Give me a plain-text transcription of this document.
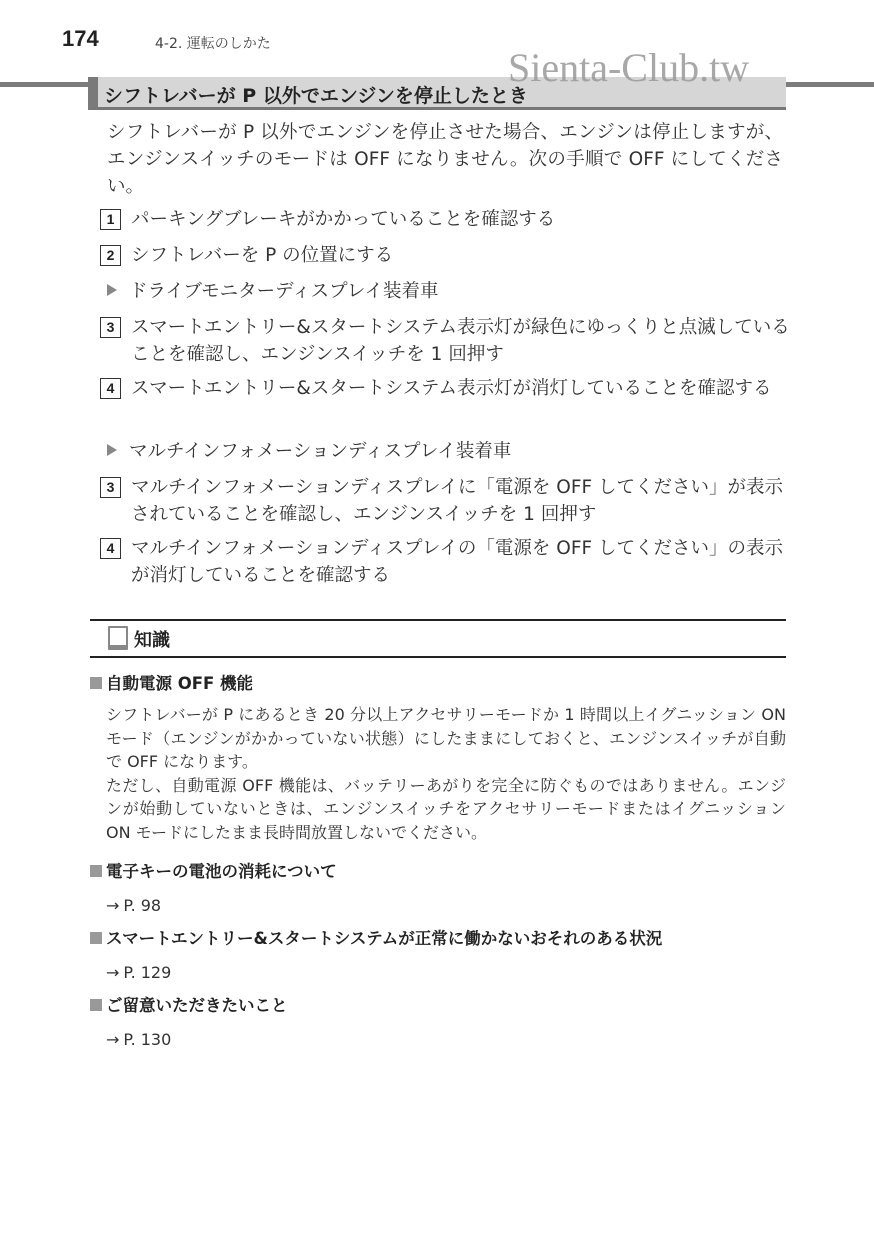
174	4-2. 運転のしかた
Sienta-Club.tw
シフトレバーが P 以外でエンジンを停止したとき
シフトレバーが P 以外でエンジンを停止させた場合、エンジンは停止しますが、エンジンスイッチのモードは OFF になりません。次の手順で OFF にしてください。
1 パーキングブレーキがかかっていることを確認する
2 シフトレバーを P の位置にする
ドライブモニターディスプレイ装着車
3 スマートエントリー&スタートシステム表示灯が緑色にゆっくりと点滅していることを確認し、エンジンスイッチを 1 回押す
4 スマートエントリー&スタートシステム表示灯が消灯していることを確認する
マルチインフォメーションディスプレイ装着車
3 マルチインフォメーションディスプレイに「電源を OFF してください」が表示されていることを確認し、エンジンスイッチを 1 回押す
4 マルチインフォメーションディスプレイの「電源を OFF してください」の表示が消灯していることを確認する
知識
自動電源 OFF 機能

シフトレバーが P にあるとき 20 分以上アクセサリーモードか 1 時間以上イグニッション ON モード（エンジンがかかっていない状態）にしたままにしておくと、エンジンスイッチが自動で OFF になります。

ただし、自動電源 OFF 機能は、バッテリーあがりを完全に防ぐものではありません。エンジンが始動していないときは、エンジンスイッチをアクセサリーモードまたはイグニッション ON モードにしたまま長時間放置しないでください。

電子キーの電池の消耗について
→ P. 98
スマートエントリー&スタートシステムが正常に働かないおそれのある状況
→ P. 129
ご留意いただきたいこと
→ P. 130
